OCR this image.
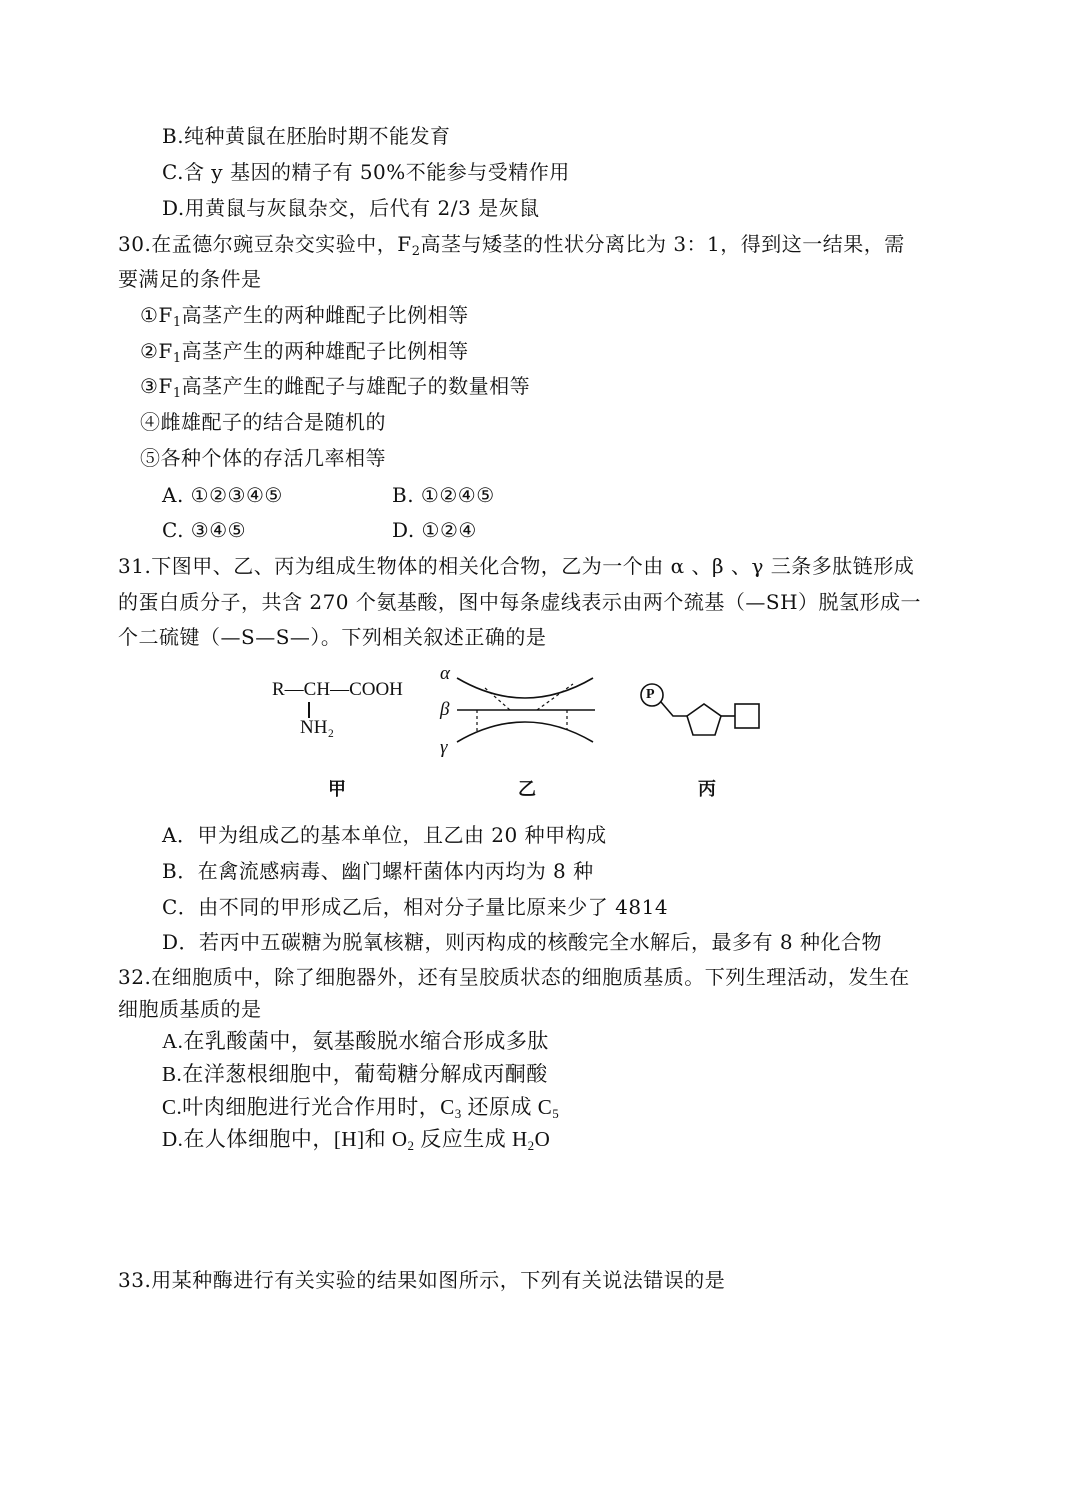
B.纯种黄鼠在胚胎时期不能发育
C.含 y 基因的精子有 50%不能参与受精作用
D.用黄鼠与灰鼠杂交，后代有 2/3 是灰鼠
30.在孟德尔豌豆杂交实验中，$F_2$高茎与矮茎的性状分离比为 3：1，得到这一结果，需
要满足的条件是
$①F_1$高茎产生的两种雌配子比例相等
$②F_1$高茎产生的两种雄配子比例相等
$③F_1$高茎产生的雌配子与雄配子的数量相等
④雌雄配子的结合是随机的
⑤各种个体的存活几率相等
A. ①②③④⑤	B. ①②④⑤
C. ③④⑤	D. ①②④
31.下图甲、乙、丙为组成生物体的相关化合物，乙为一个由 α 、β 、γ 三条多肽链形成
的蛋白质分子，共含 270 个氨基酸，图中每条虚线表示由两个巯基（—SH）脱氢形成一
个二硫键（—S—S—）。下列相关叙述正确的是
R—CH—COOH
NH₂
α
β
γ
P
甲	乙	丙
A．甲为组成乙的基本单位，且乙由 20 种甲构成
B．在禽流感病毒、幽门螺杆菌体内丙均为 8 种
C．由不同的甲形成乙后，相对分子量比原来少了 4814
D．若丙中五碳糖为脱氧核糖，则丙构成的核酸完全水解后，最多有 8 种化合物
32.在细胞质中，除了细胞器外，还有呈胶质状态的细胞质基质。下列生理活动，发生在
细胞质基质的是
A.在乳酸菌中，氨基酸脱水缩合形成多肽
B.在洋葱根细胞中，葡萄糖分解成丙酮酸
C.叶肉细胞进行光合作用时，$C_3$ 还原成 $C_5$
D.在人体细胞中，[H]和 $O_2$ 反应生成 $H_2O$
33.用某种酶进行有关实验的结果如图所示，下列有关说法错误的是
